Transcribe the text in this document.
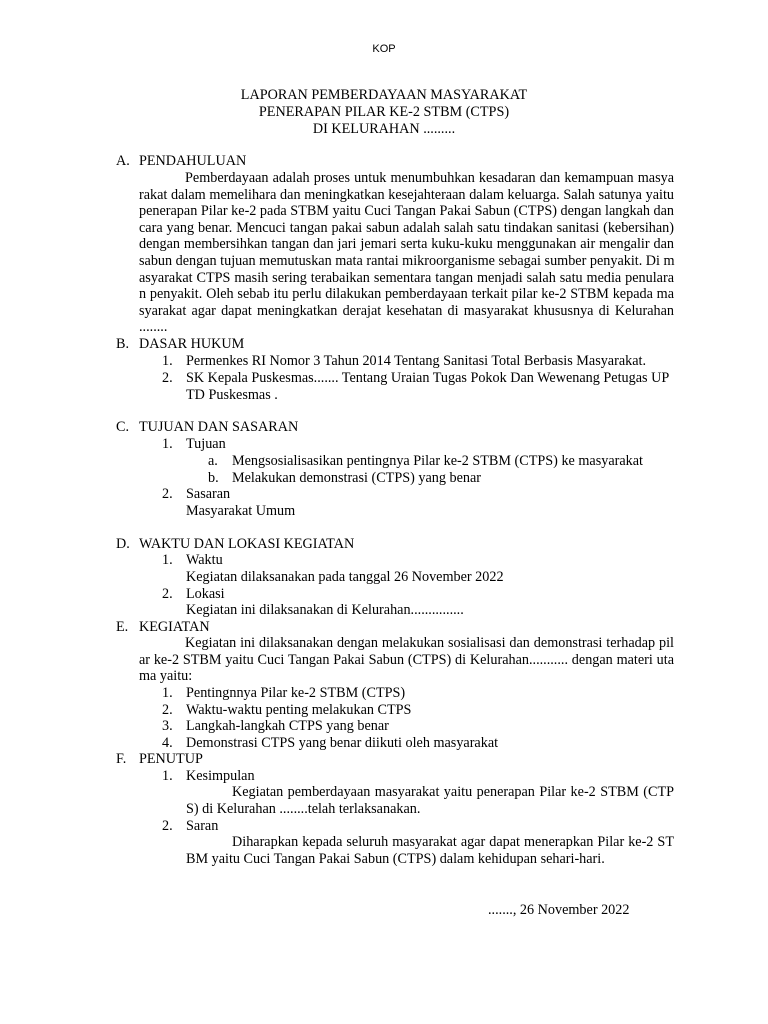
KOP
LAPORAN PEMBERDAYAAN MASYARAKAT
PENERAPAN PILAR KE-2 STBM (CTPS)
DI KELURAHAN .........
A. PENDAHULUAN
Pemberdayaan adalah proses untuk menumbuhkan kesadaran dan kemampuan masya
rakat dalam memelihara dan meningkatkan kesejahteraan dalam keluarga. Salah satunya yaitu
penerapan Pilar ke-2 pada STBM yaitu Cuci Tangan Pakai Sabun (CTPS) dengan langkah dan
cara yang benar. Mencuci tangan pakai sabun adalah salah satu tindakan sanitasi (kebersihan)
dengan membersihkan tangan dan jari jemari serta kuku-kuku menggunakan air mengalir dan
sabun dengan tujuan memutuskan mata rantai mikroorganisme sebagai sumber penyakit. Di m
asyarakat CTPS masih sering terabaikan sementara tangan menjadi salah satu media penulara
n penyakit. Oleh sebab itu perlu dilakukan pemberdayaan terkait pilar ke-2 STBM kepada ma
syarakat agar dapat meningkatkan derajat kesehatan di masyarakat khususnya di Kelurahan
........
B. DASAR HUKUM
1. Permenkes RI Nomor 3 Tahun 2014 Tentang Sanitasi Total Berbasis Masyarakat.
2. SK Kepala Puskesmas....... Tentang Uraian Tugas Pokok Dan Wewenang Petugas UP
TD Puskesmas .
C. TUJUAN DAN SASARAN
1. Tujuan
a. Mengsosialisasikan pentingnya Pilar ke-2 STBM (CTPS) ke masyarakat
b. Melakukan demonstrasi (CTPS) yang benar
2. Sasaran
Masyarakat Umum
D. WAKTU DAN LOKASI KEGIATAN
1. Waktu
Kegiatan dilaksanakan pada tanggal 26 November 2022
2. Lokasi
Kegiatan ini dilaksanakan di Kelurahan...............
E. KEGIATAN
Kegiatan ini dilaksanakan dengan melakukan sosialisasi dan demonstrasi terhadap pil
ar ke-2 STBM yaitu Cuci Tangan Pakai Sabun (CTPS) di Kelurahan........... dengan materi uta
ma yaitu:
1. Pentingnnya Pilar ke-2 STBM (CTPS)
2. Waktu-waktu penting melakukan CTPS
3. Langkah-langkah CTPS yang benar
4. Demonstrasi CTPS yang benar diikuti oleh masyarakat
F. PENUTUP
1. Kesimpulan
Kegiatan pemberdayaan masyarakat yaitu penerapan Pilar ke-2 STBM (CTP
S) di Kelurahan ........telah terlaksanakan.
2. Saran
Diharapkan kepada seluruh masyarakat agar dapat menerapkan Pilar ke-2 ST
BM yaitu Cuci Tangan Pakai Sabun (CTPS) dalam kehidupan sehari-hari.
......., 26 November 2022
